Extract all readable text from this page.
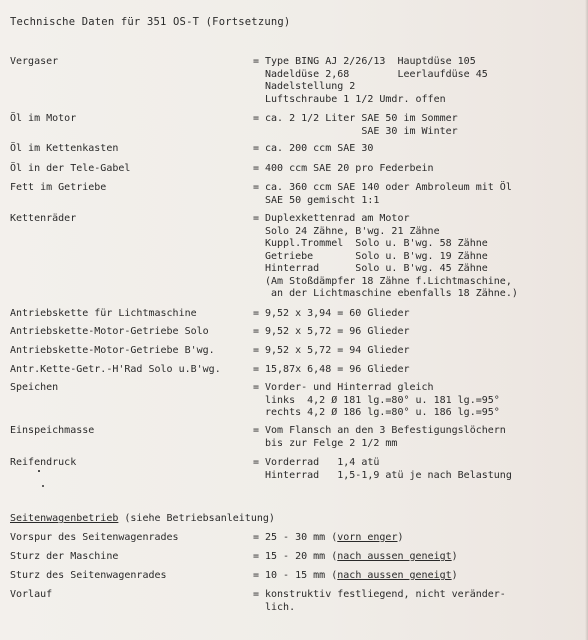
Technische Daten für 351 OS-T (Fortsetzung)
Vergaser	= Type BING AJ 2/26/13  Hauptdüse 105
Nadeldüse 2,68        Leerlaufdüse 45
Nadelstellung 2
Luftschraube 1 1/2 Umdr. offen
Öl im Motor	= ca. 2 1/2 Liter SAE 50 im Sommer
SAE 30 im Winter
Öl im Kettenkasten	= ca. 200 ccm SAE 30
Öl in der Tele-Gabel	= 400 ccm SAE 20 pro Federbein
Fett im Getriebe	= ca. 360 ccm SAE 140 oder Ambroleum mit Öl
SAE 50 gemischt 1:1
Kettenräder	= Duplexkettenrad am Motor
Solo 24 Zähne, B'wg. 21 Zähne
Kuppl.Trommel  Solo u. B'wg. 58 Zähne
Getriebe       Solo u. B'wg. 19 Zähne
Hinterrad      Solo u. B'wg. 45 Zähne
(Am Stoßdämpfer 18 Zähne f.Lichtmaschine,
an der Lichtmaschine ebenfalls 18 Zähne.)
Antriebskette für Lichtmaschine	= 9,52 x 3,94 = 60 Glieder
Antriebskette-Motor-Getriebe Solo	= 9,52 x 5,72 = 96 Glieder
Antriebskette-Motor-Getriebe B'wg.	= 9,52 x 5,72 = 94 Glieder
Antr.Kette-Getr.-H'Rad Solo u.B'wg.	= 15,87x 6,48 = 96 Glieder
Speichen	= Vorder- und Hinterrad gleich
links  4,2 Ø 181 lg.=80° u. 181 lg.=95°
rechts 4,2 Ø 186 lg.=80° u. 186 lg.=95°
Einspeichmasse	= Vom Flansch an den 3 Befestigungslöchern
bis zur Felge 2 1/2 mm
Reifendruck	= Vorderrad   1,4 atü
Hinterrad   1,5-1,9 atü je nach Belastung
Seitenwagenbetrieb (siehe Betriebsanleitung)
Vorspur des Seitenwagenrades	= 25 - 30 mm (vorn enger)
Sturz der Maschine	= 15 - 20 mm (nach aussen geneigt)
Sturz des Seitenwagenrades	= 10 - 15 mm (nach aussen geneigt)
Vorlauf	= konstruktiv festliegend, nicht veränder-
lich.
